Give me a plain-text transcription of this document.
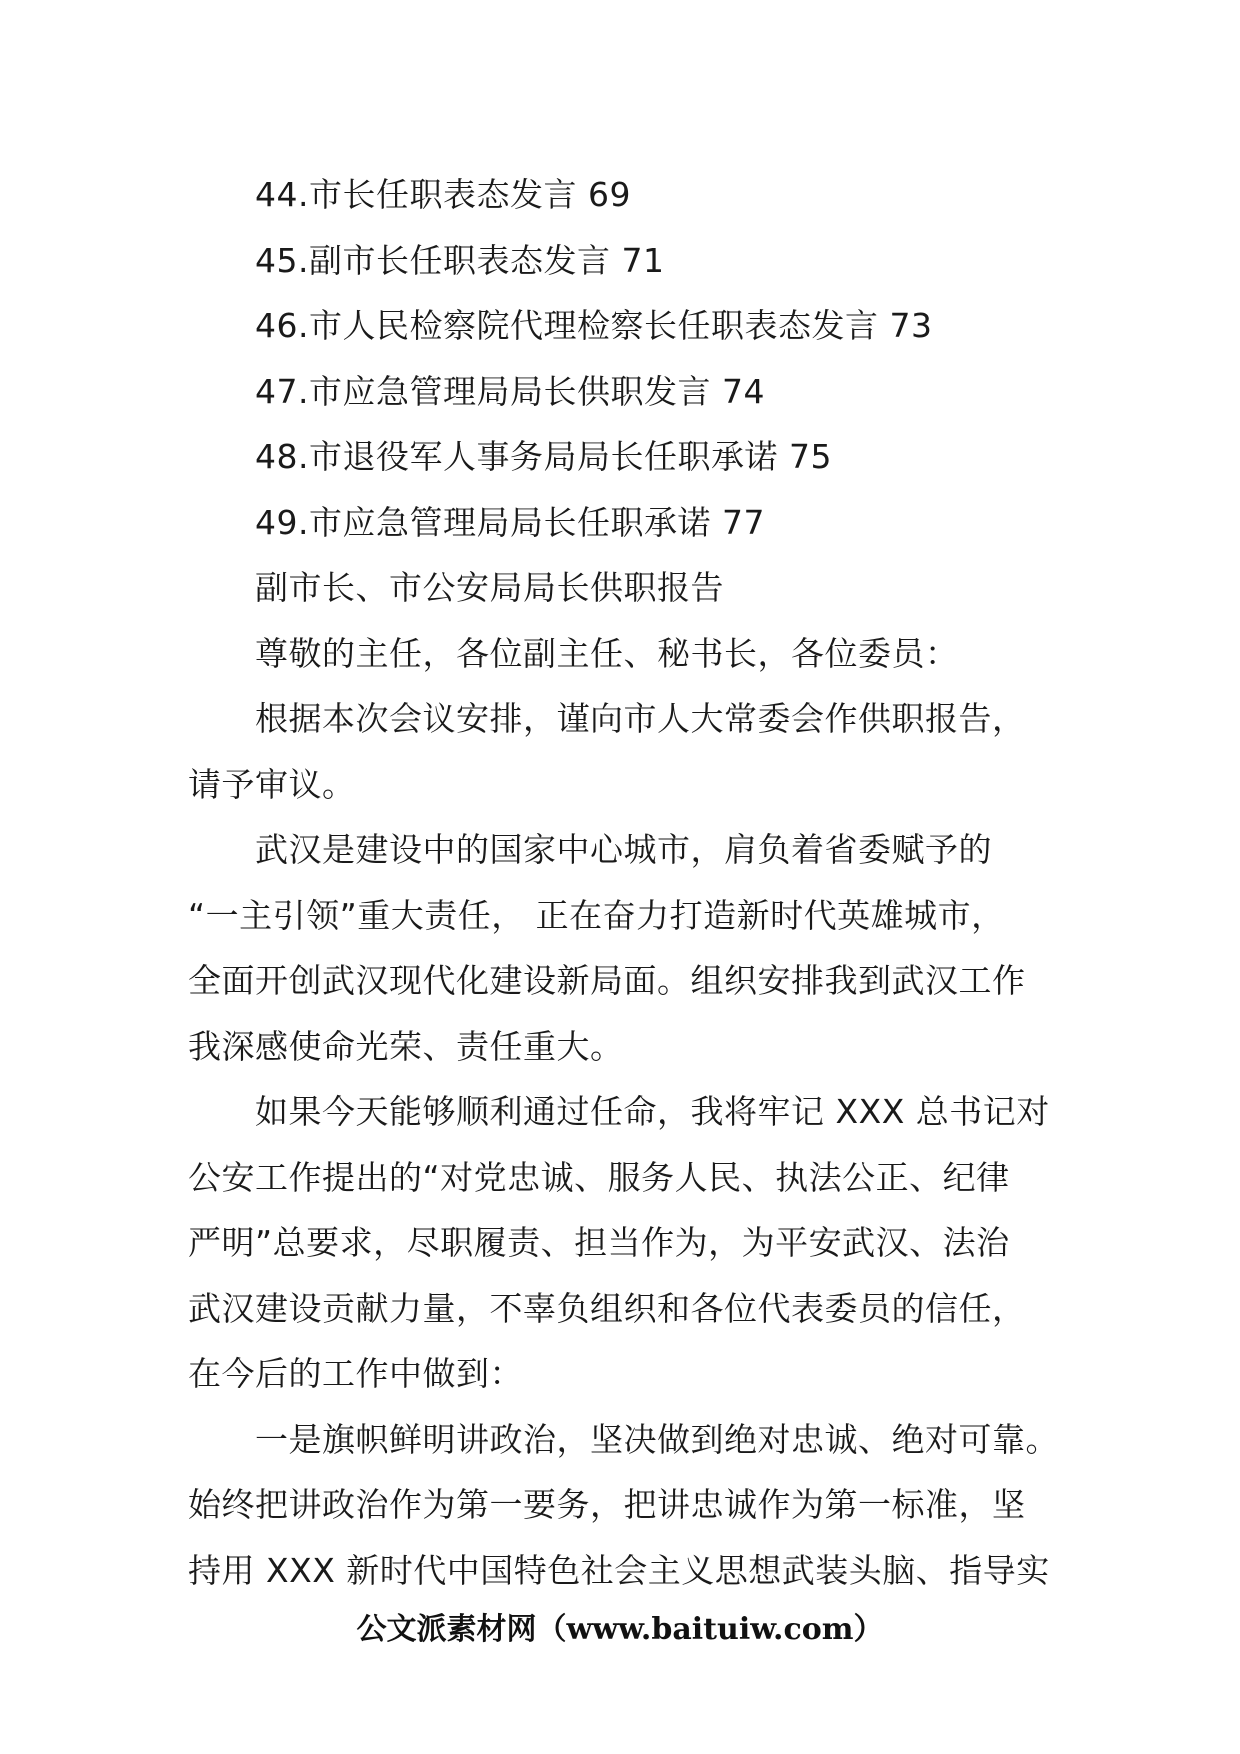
44.市长任职表态发言 69
45.副市长任职表态发言 71
46.市人民检察院代理检察长任职表态发言 73
47.市应急管理局局长供职发言 74
48.市退役军人事务局局长任职承诺 75
49.市应急管理局局长任职承诺 77
副市长、市公安局局长供职报告
尊敬的主任，各位副主任、秘书长，各位委员：
根据本次会议安排，谨向市人大常委会作供职报告，
请予审议。
武汉是建设中的国家中心城市，肩负着省委赋予的
“一主引领”重大责任， 正在奋力打造新时代英雄城市，
全面开创武汉现代化建设新局面。组织安排我到武汉工作
我深感使命光荣、责任重大。
如果今天能够顺利通过任命，我将牢记 XXX 总书记对
公安工作提出的“对党忠诚、服务人民、执法公正、纪律
严明”总要求，尽职履责、担当作为，为平安武汉、法治
武汉建设贡献力量，不辜负组织和各位代表委员的信任，
在今后的工作中做到：
一是旗帜鲜明讲政治，坚决做到绝对忠诚、绝对可靠。
始终把讲政治作为第一要务，把讲忠诚作为第一标准，坚
持用 XXX 新时代中国特色社会主义思想武装头脑、指导实
公文派素材网（www.baituiw.com）
